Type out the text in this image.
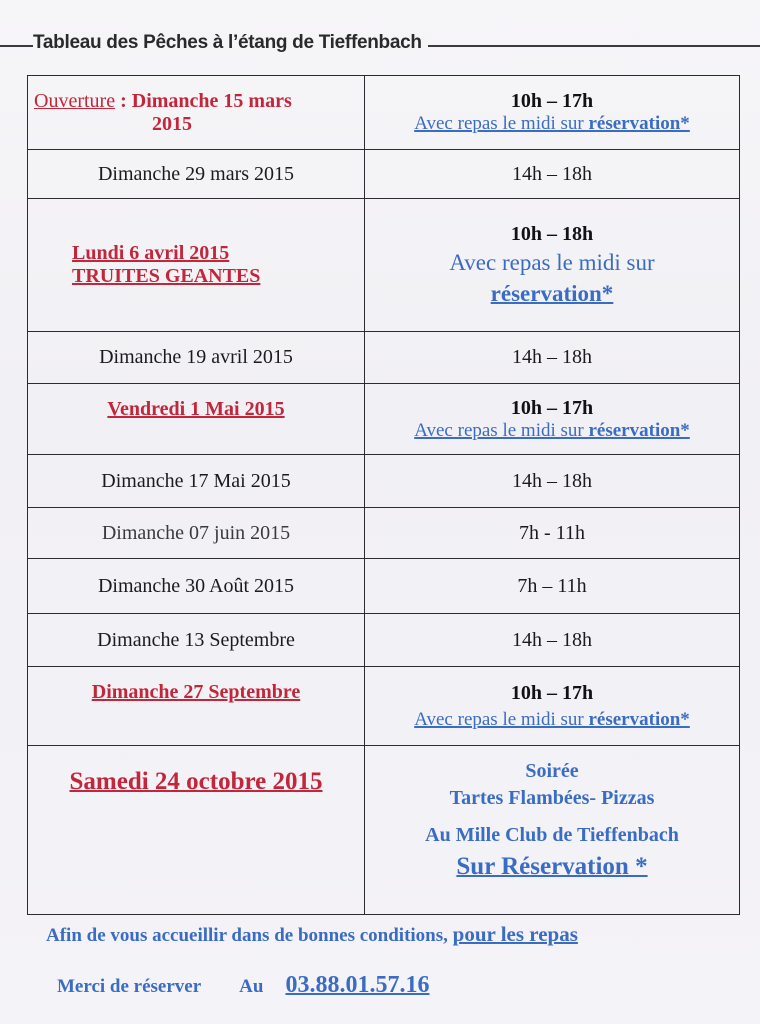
Tableau des Pêches à l’étang de Tieffenbach
Ouverture : Dimanche 15 mars
2015	10h – 17h
Avec repas le midi sur réservation*

Dimanche 29 mars 2015	14h – 18h

Lundi 6 avril 2015
TRUITES GEANTES	10h – 18h
Avec repas le midi sur
réservation*

Dimanche 19 avril 2015	14h – 18h
Vendredi 1 Mai 2015	10h – 17h
Avec repas le midi sur réservation*

Dimanche 17 Mai 2015	14h – 18h
Dimanche 07 juin 2015	7h - 11h
Dimanche 30 Août 2015	7h – 11h
Dimanche 13 Septembre	14h – 18h
Dimanche 27 Septembre	10h – 17h
Avec repas le midi sur réservation*

Samedi 24 octobre 2015	Soirée
Tartes Flambées- Pizzas
Au Mille Club de Tieffenbach
Sur Réservation *
Afin de vous accueillir dans de bonnes conditions, pour les repas
Merci de réserver Au 03.88.01.57.16
